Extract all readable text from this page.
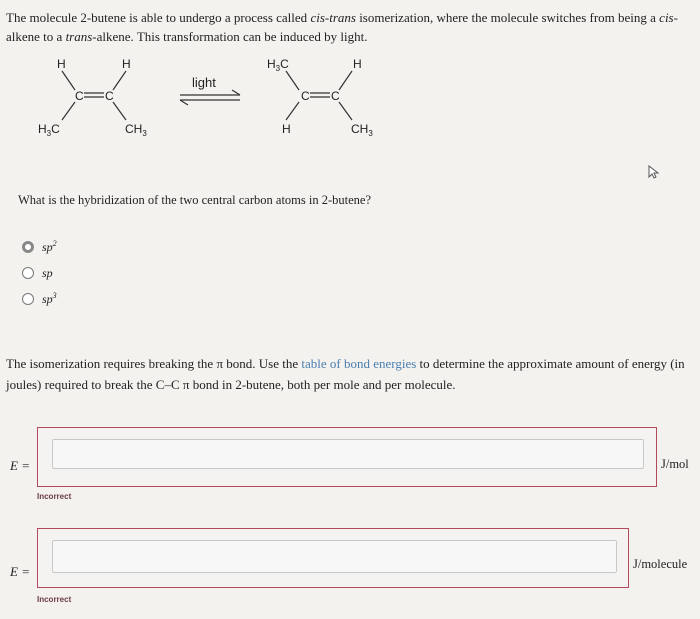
The molecule 2-butene is able to undergo a process called cis-trans isomerization, where the molecule switches from being a cis-alkene to a trans-alkene. This transformation can be induced by light.
H	H
C C
$H_3C$	$CH_3$
light
$H_3C$	H
C C
H	$CH_3$
What is the hybridization of the two central carbon atoms in 2-butene?
$sp^2$
sp
$sp^3$
The isomerization requires breaking the π bond. Use the table of bond energies to determine the approximate amount of energy (in joules) required to break the C–C π bond in 2-butene, both per mole and per molecule.
E =	J/mol
Incorrect
E =	J/molecule
Incorrect
